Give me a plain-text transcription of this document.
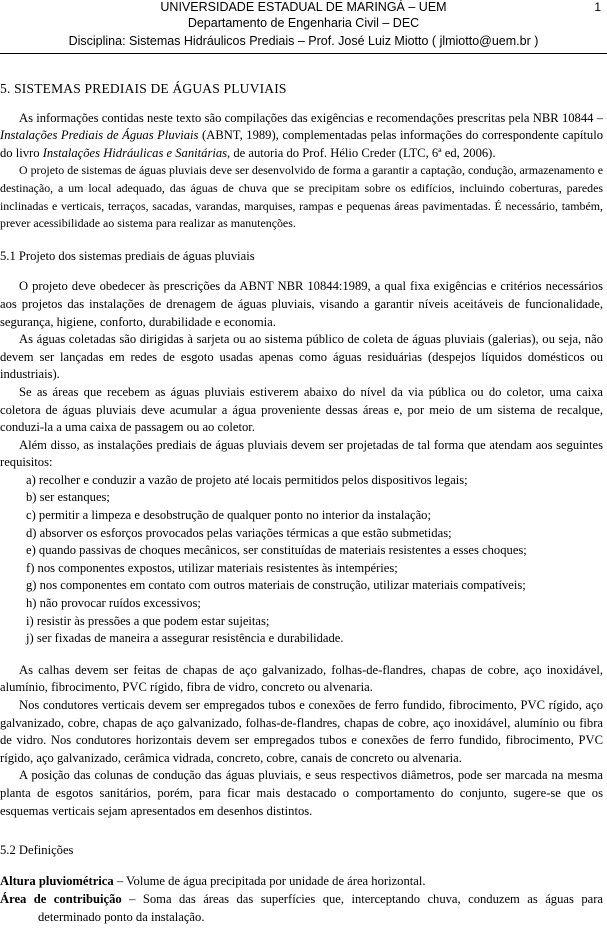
UNIVERSIDADE ESTADUAL DE MARINGÁ – UEM
Departamento de Engenharia Civil – DEC
Disciplina: Sistemas Hidráulicos Prediais – Prof. José Luiz Miotto ( jlmiotto@uem.br )
1

5. SISTEMAS PREDIAIS DE ÁGUAS PLUVIAIS

As informações contidas neste texto são compilações das exigências e recomendações prescritas pela NBR 10844 – Instalações Prediais de Águas Pluviais (ABNT, 1989), complementadas pelas informações do correspondente capítulo do livro Instalações Hidráulicas e Sanitárias, de autoria do Prof. Hélio Creder (LTC, 6ª ed, 2006).

O projeto de sistemas de águas pluviais deve ser desenvolvido de forma a garantir a captação, condução, armazenamento e destinação, a um local adequado, das águas de chuva que se precipitam sobre os edifícios, incluindo coberturas, paredes inclinadas e verticais, terraços, sacadas, varandas, marquises, rampas e pequenas áreas pavimentadas. É necessário, também, prever acessibilidade ao sistema para realizar as manutenções.

5.1 Projeto dos sistemas prediais de águas pluviais

O projeto deve obedecer às prescrições da ABNT NBR 10844:1989, a qual fixa exigências e critérios necessários aos projetos das instalações de drenagem de águas pluviais, visando a garantir níveis aceitáveis de funcionalidade, segurança, higiene, conforto, durabilidade e economia.

As águas coletadas são dirigidas à sarjeta ou ao sistema público de coleta de águas pluviais (galerias), ou seja, não devem ser lançadas em redes de esgoto usadas apenas como águas residuárias (despejos líquidos domésticos ou industriais).

Se as áreas que recebem as águas pluviais estiverem abaixo do nível da via pública ou do coletor, uma caixa coletora de águas pluviais deve acumular a água proveniente dessas áreas e, por meio de um sistema de recalque, conduzi-la a uma caixa de passagem ou ao coletor.

Além disso, as instalações prediais de águas pluviais devem ser projetadas de tal forma que atendam aos seguintes requisitos:

a) recolher e conduzir a vazão de projeto até locais permitidos pelos dispositivos legais;
b) ser estanques;
c) permitir a limpeza e desobstrução de qualquer ponto no interior da instalação;
d) absorver os esforços provocados pelas variações térmicas a que estão submetidas;
e) quando passivas de choques mecânicos, ser constituídas de materiais resistentes a esses choques;
f) nos componentes expostos, utilizar materiais resistentes às intempéries;
g) nos componentes em contato com outros materiais de construção, utilizar materiais compatíveis;
h) não provocar ruídos excessivos;
i) resistir às pressões a que podem estar sujeitas;
j) ser fixadas de maneira a assegurar resistência e durabilidade.

As calhas devem ser feitas de chapas de aço galvanizado, folhas-de-flandres, chapas de cobre, aço inoxidável, alumínio, fibrocimento, PVC rígido, fibra de vidro, concreto ou alvenaria.

Nos condutores verticais devem ser empregados tubos e conexões de ferro fundido, fibrocimento, PVC rígido, aço galvanizado, cobre, chapas de aço galvanizado, folhas-de-flandres, chapas de cobre, aço inoxidável, alumínio ou fibra de vidro. Nos condutores horizontais devem ser empregados tubos e conexões de ferro fundido, fibrocimento, PVC rígido, aço galvanizado, cerâmica vidrada, concreto, cobre, canais de concreto ou alvenaria.

A posição das colunas de condução das águas pluviais, e seus respectivos diâmetros, pode ser marcada na mesma planta de esgotos sanitários, porém, para ficar mais destacado o comportamento do conjunto, sugere-se que os esquemas verticais sejam apresentados em desenhos distintos.

5.2 Definições

Altura pluviométrica – Volume de água precipitada por unidade de área horizontal.

Área de contribuição – Soma das áreas das superfícies que, interceptando chuva, conduzem as águas para determinado ponto da instalação.
